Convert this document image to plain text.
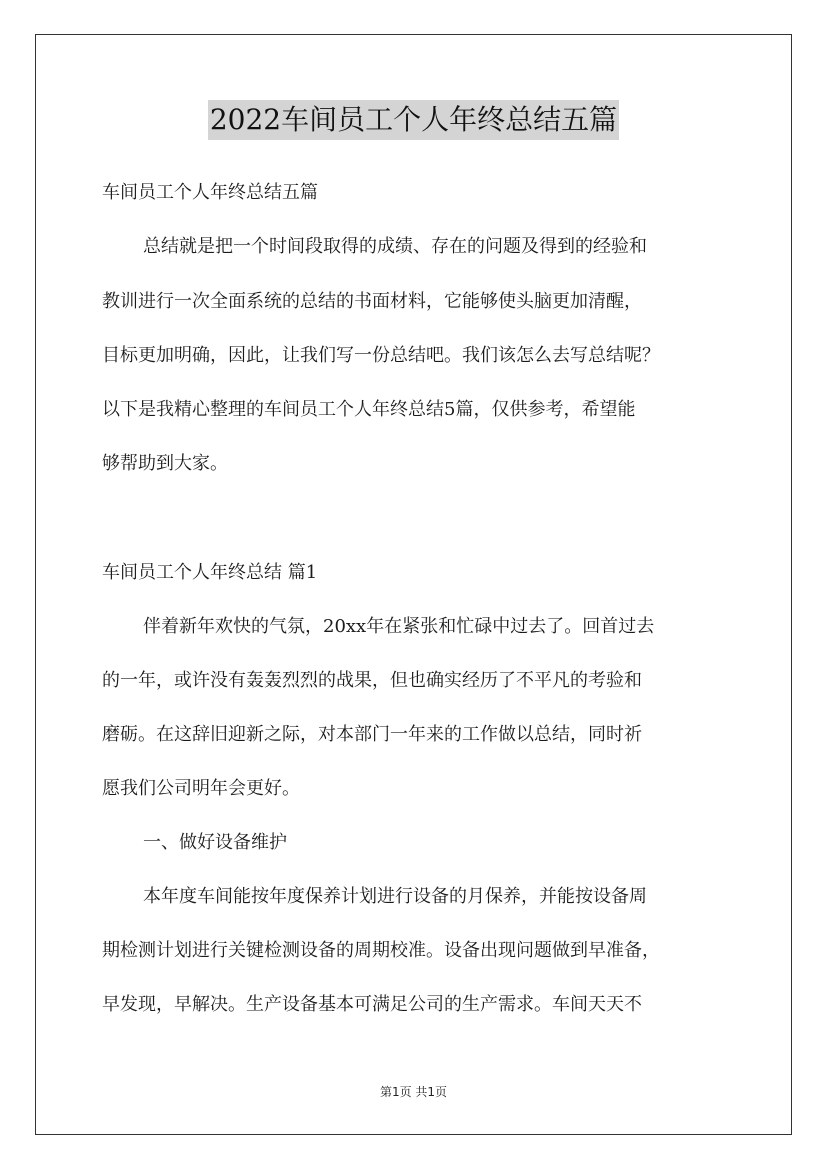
2022车间员工个人年终总结五篇
车间员工个人年终总结五篇
总结就是把一个时间段取得的成绩、存在的问题及得到的经验和
教训进行一次全面系统的总结的书面材料，它能够使头脑更加清醒，
目标更加明确，因此，让我们写一份总结吧。我们该怎么去写总结呢？
以下是我精心整理的车间员工个人年终总结5篇，仅供参考，希望能
够帮助到大家。
车间员工个人年终总结 篇1
伴着新年欢快的气氛，20xx年在紧张和忙碌中过去了。回首过去
的一年，或许没有轰轰烈烈的战果，但也确实经历了不平凡的考验和
磨砺。在这辞旧迎新之际，对本部门一年来的工作做以总结，同时祈
愿我们公司明年会更好。
一、做好设备维护
本年度车间能按年度保养计划进行设备的月保养，并能按设备周
期检测计划进行关键检测设备的周期校准。设备出现问题做到早准备，
早发现，早解决。生产设备基本可满足公司的生产需求。车间天天不
第1页 共1页
